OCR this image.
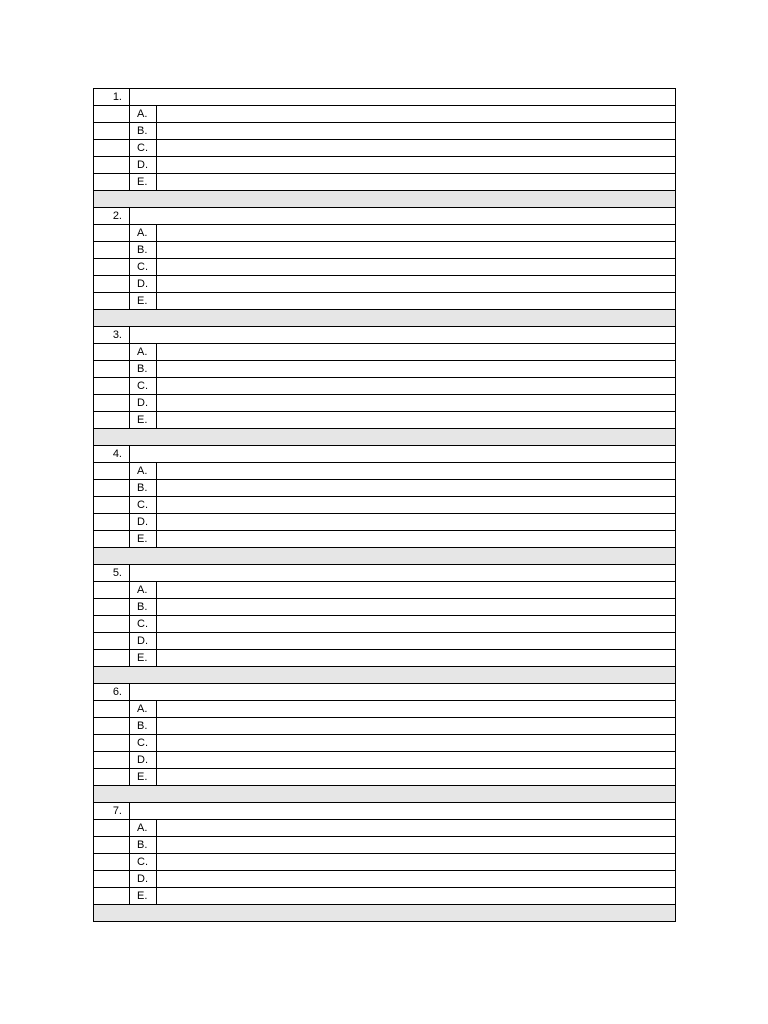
1.		
	A.	
	B.	
	C.	
	D.	
	E.	

2.		
	A.	
	B.	
	C.	
	D.	
	E.	

3.		
	A.	
	B.	
	C.	
	D.	
	E.	

4.		
	A.	
	B.	
	C.	
	D.	
	E.	

5.		
	A.	
	B.	
	C.	
	D.	
	E.	

6.		
	A.	
	B.	
	C.	
	D.	
	E.	

7.		
	A.	
	B.	
	C.	
	D.	
	E.	
